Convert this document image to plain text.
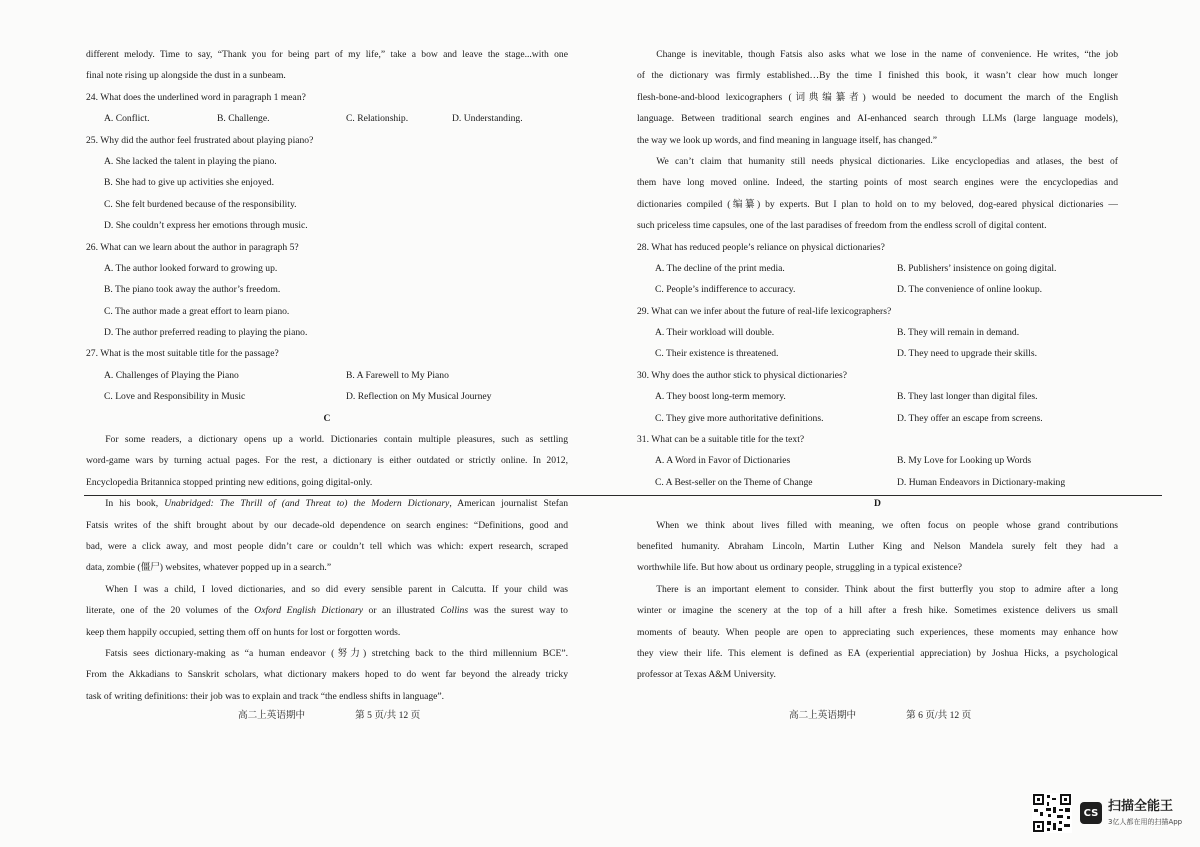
different melody. Time to say, “Thank you for being part of my life,” take a bow and leave the stage...with one
final note rising up alongside the dust in a sunbeam.
24. What does the underlined word in paragraph 1 mean?
A. Conflict.	B. Challenge.	C. Relationship.	D. Understanding.
25. Why did the author feel frustrated about playing piano?
A. She lacked the talent in playing the piano.
B. She had to give up activities she enjoyed.
C. She felt burdened because of the responsibility.
D. She couldn’t express her emotions through music.
26. What can we learn about the author in paragraph 5?
A. The author looked forward to growing up.
B. The piano took away the author’s freedom.
C. The author made a great effort to learn piano.
D. The author preferred reading to playing the piano.
27. What is the most suitable title for the passage?
A. Challenges of Playing the Piano	B. A Farewell to My Piano
C. Love and Responsibility in Music	D. Reflection on My Musical Journey
C
For some readers, a dictionary opens up a world. Dictionaries contain multiple pleasures, such as settling
word-game wars by turning actual pages. For the rest, a dictionary is either outdated or strictly online. In 2012,
Encyclopedia Britannica stopped printing new editions, going digital-only.
In his book, Unabridged: The Thrill of (and Threat to) the Modern Dictionary, American journalist Stefan
Fatsis writes of the shift brought about by our decade-old dependence on search engines: “Definitions, good and
bad, were a click away, and most people didn’t care or couldn’t tell which was which: expert research, scraped
data, zombie (僵尸) websites, whatever popped up in a search.”
When I was a child, I loved dictionaries, and so did every sensible parent in Calcutta. If your child was
literate, one of the 20 volumes of the Oxford English Dictionary or an illustrated Collins was the surest way to
keep them happily occupied, setting them off on hunts for lost or forgotten words.
Fatsis sees dictionary-making as “a human endeavor (努力) stretching back to the third millennium BCE”.
From the Akkadians to Sanskrit scholars, what dictionary makers hoped to do went far beyond the already tricky
task of writing definitions: their job was to explain and track “the endless shifts in language”.
Change is inevitable, though Fatsis also asks what we lose in the name of convenience. He writes, “the job
of the dictionary was firmly established…By the time I finished this book, it wasn’t clear how much longer
flesh-bone-and-blood lexicographers (词典编纂者) would be needed to document the march of the English
language. Between traditional search engines and AI-enhanced search through LLMs (large language models),
the way we look up words, and find meaning in language itself, has changed.”
We can’t claim that humanity still needs physical dictionaries. Like encyclopedias and atlases, the best of
them have long moved online. Indeed, the starting points of most search engines were the encyclopedias and
dictionaries compiled (编纂) by experts. But I plan to hold on to my beloved, dog-eared physical dictionaries —
such priceless time capsules, one of the last paradises of freedom from the endless scroll of digital content.
28. What has reduced people’s reliance on physical dictionaries?
A. The decline of the print media.	B. Publishers’ insistence on going digital.
C. People’s indifference to accuracy.	D. The convenience of online lookup.
29. What can we infer about the future of real-life lexicographers?
A. Their workload will double.	B. They will remain in demand.
C. Their existence is threatened.	D. They need to upgrade their skills.
30. Why does the author stick to physical dictionaries?
A. They boost long-term memory.	B. They last longer than digital files.
C. They give more authoritative definitions.	D. They offer an escape from screens.
31. What can be a suitable title for the text?
A. A Word in Favor of Dictionaries	B. My Love for Looking up Words
C. A Best-seller on the Theme of Change	D. Human Endeavors in Dictionary-making
D
When we think about lives filled with meaning, we often focus on people whose grand contributions
benefited humanity. Abraham Lincoln, Martin Luther King and Nelson Mandela surely felt they had a
worthwhile life. But how about us ordinary people, struggling in a typical existence?
There is an important element to consider. Think about the first butterfly you stop to admire after a long
winter or imagine the scenery at the top of a hill after a fresh hike. Sometimes existence delivers us small
moments of beauty. When people are open to appreciating such experiences, these moments may enhance how
they view their life. This element is defined as EA (experiential appreciation) by Joshua Hicks, a psychological
professor at Texas A&M University.
高二上英语期中	第 5 页/共 12 页	高二上英语期中	第 6 页/共 12 页
CS 扫描全能王
3亿人都在用的扫描App
